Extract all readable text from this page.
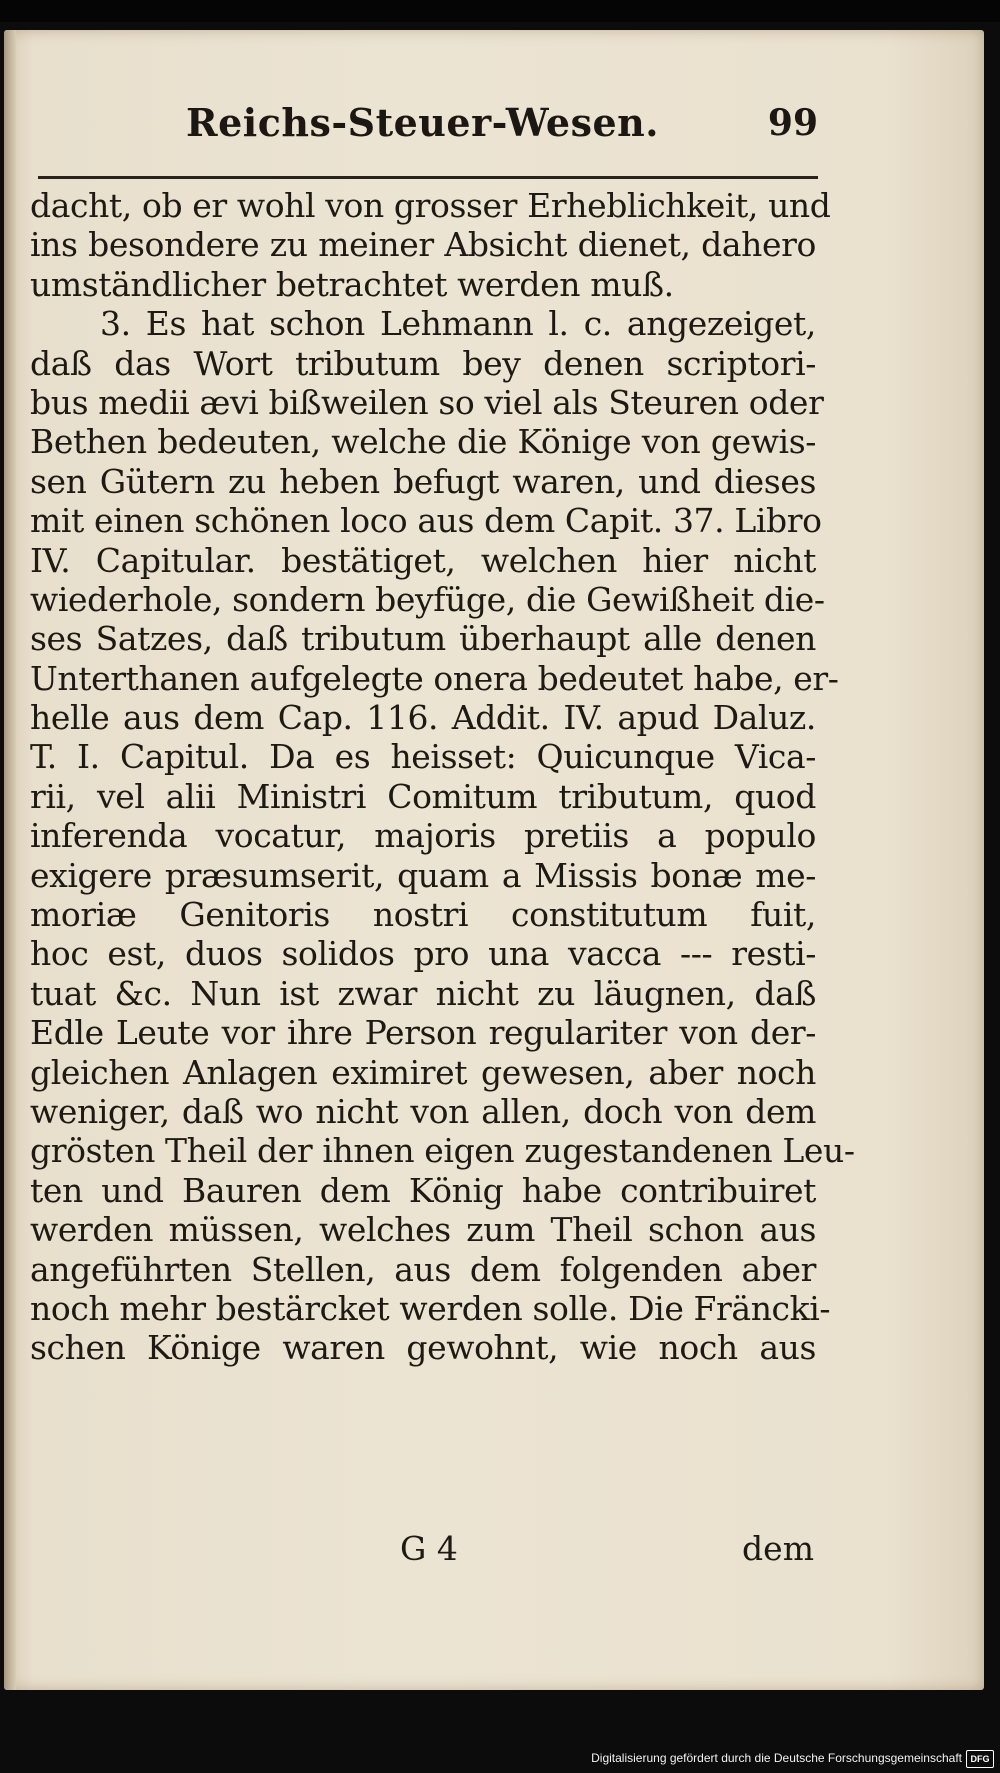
Reichs-Steuer-Wesen.	99
dacht, ob er wohl von grosser Erheblichkeit, und
ins besondere zu meiner Absicht dienet, dahero
umständlicher betrachtet werden muß.
3. Es hat schon Lehmann l. c. angezeiget,
daß das Wort tributum bey denen scriptori-
bus medii ævi bißweilen so viel als Steuren oder
Bethen bedeuten, welche die Könige von gewis-
sen Gütern zu heben befugt waren, und dieses
mit einen schönen loco aus dem Capit. 37. Libro
IV. Capitular. bestätiget, welchen hier nicht
wiederhole, sondern beyfüge, die Gewißheit die-
ses Satzes, daß tributum überhaupt alle denen
Unterthanen aufgelegte onera bedeutet habe, er-
helle aus dem Cap. 116. Addit. IV. apud Daluz.
T. I. Capitul. Da es heisset: Quicunque Vica-
rii, vel alii Ministri Comitum tributum, quod
inferenda vocatur, majoris pretiis a populo
exigere præsumserit, quam a Missis bonæ me-
moriæ Genitoris nostri constitutum fuit,
hoc est, duos solidos pro una vacca --- resti-
tuat &c. Nun ist zwar nicht zu läugnen, daß
Edle Leute vor ihre Person regulariter von der-
gleichen Anlagen eximiret gewesen, aber noch
weniger, daß wo nicht von allen, doch von dem
grösten Theil der ihnen eigen zugestandenen Leu-
ten und Bauren dem König habe contribuiret
werden müssen, welches zum Theil schon aus
angeführten Stellen, aus dem folgenden aber
noch mehr bestärcket werden solle. Die Fräncki-
schen Könige waren gewohnt, wie noch aus
G 4	dem
Digitalisierung gefördert durch die Deutsche Forschungsgemeinschaft DFG
